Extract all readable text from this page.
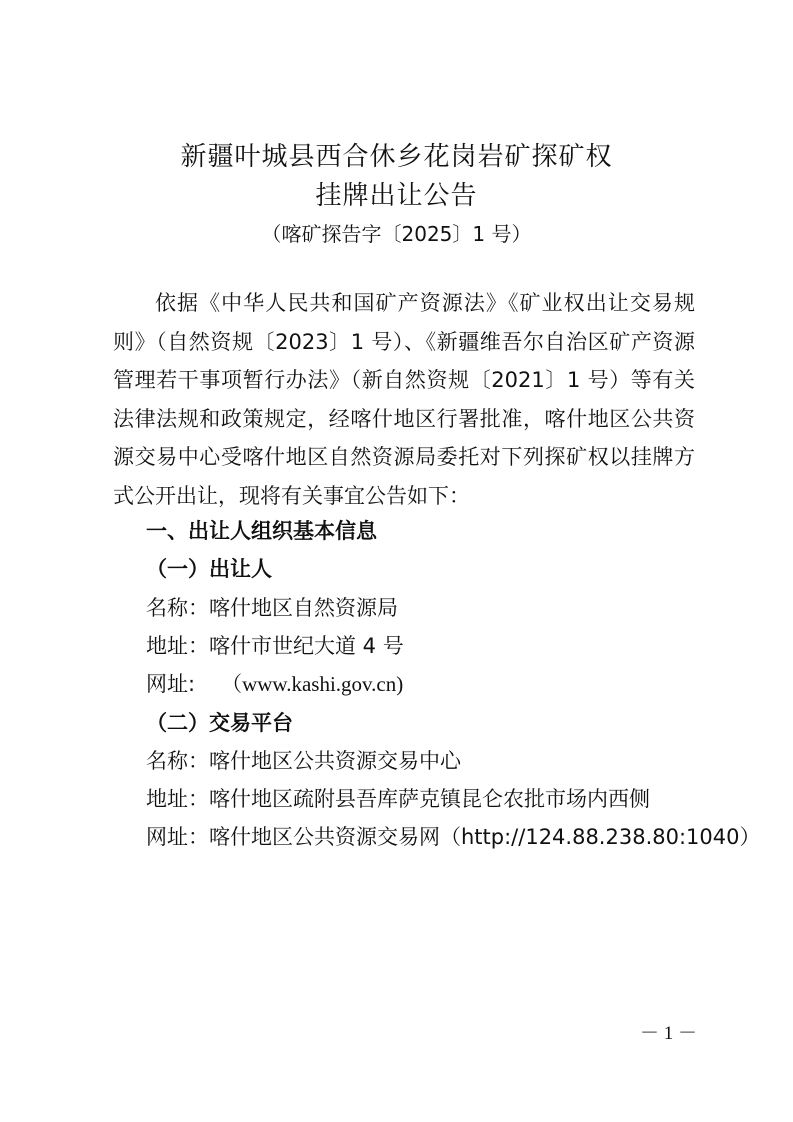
新疆叶城县西合休乡花岗岩矿探矿权
挂牌出让公告
（喀矿探告字〔2025〕1 号）

依据《中华人民共和国矿产资源法》《矿业权出让交易规则》（自然资规〔2023〕1 号）、《新疆维吾尔自治区矿产资源管理若干事项暂行办法》（新自然资规〔2021〕1 号）等有关法律法规和政策规定，经喀什地区行署批准，喀什地区公共资源交易中心受喀什地区自然资源局委托对下列探矿权以挂牌方式公开出让，现将有关事宜公告如下：

一、出让人组织基本信息
（一）出让人
名称：喀什地区自然资源局
地址：喀什市世纪大道 4 号
网址: （www.kashi.gov.cn)
（二）交易平台
名称：喀什地区公共资源交易中心
地址：喀什地区疏附县吾库萨克镇昆仑农批市场内西侧
网址：喀什地区公共资源交易网（http://124.88.238.80:1040）
－ 1 －
